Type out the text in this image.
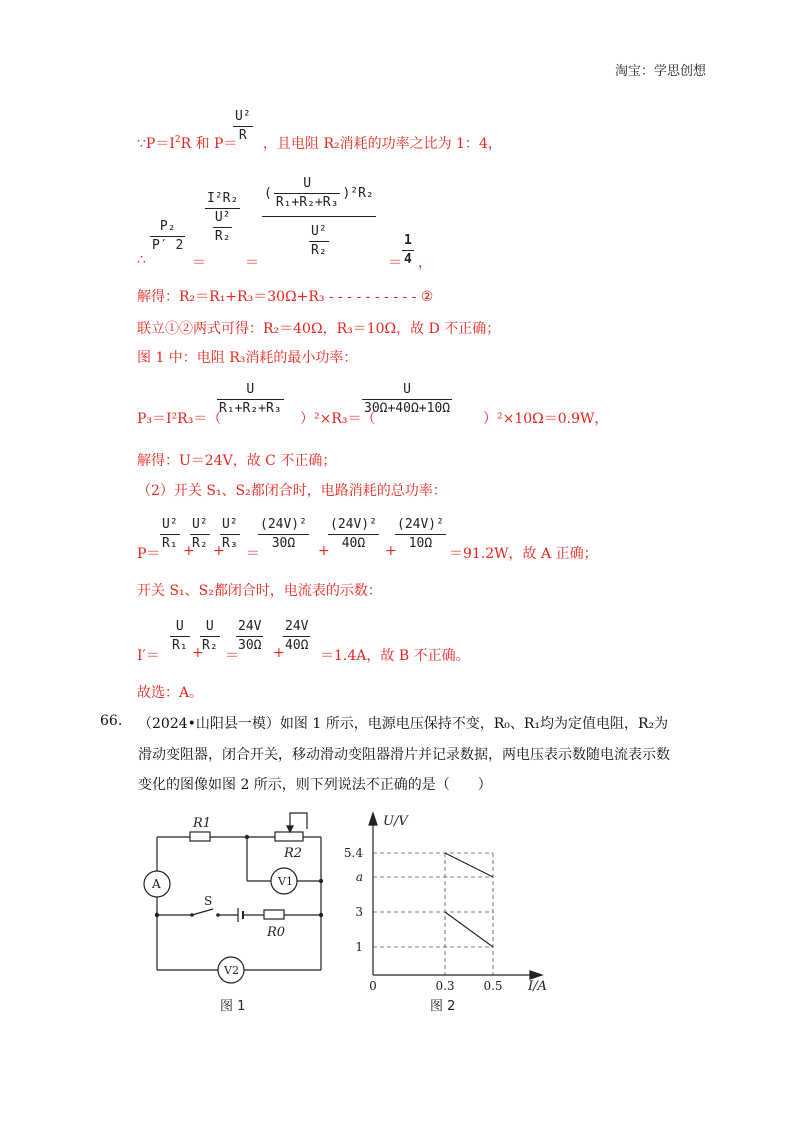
淘宝：学思创想
$\because P=I^2R$ 和 P＝
U²
R
，且电阻 R₂消耗的功率之比为 1：4，
∴
P₂
P′ 2
＝
I²R₂
U²
R₂
＝
(
U
R₁+R₂+R₃
)²R₂
U²
R₂
＝
1
4 ，
解得：R₂＝R₁+R₃＝30Ω+R₃ - - - - - - - - - - ②
联立①②两式可得：R₂＝40Ω，R₃＝10Ω，故 D 不正确；
图 1 中：电阻 R₃消耗的最小功率：
P₃＝I²R₃＝（
U
R₁+R₂+R₃
）²×R₃＝（
U
30Ω+40Ω+10Ω
）²×10Ω＝0.9W，
解得：U＝24V，故 C 不正确；
（2）开关 S₁、S₂都闭合时，电路消耗的总功率：
P＝
U²
R₁ +
U²
R₂ +
U²
R₃
＝
(24V)²
30Ω +
(24V)²
40Ω +
(24V)²
10Ω
＝91.2W，故 A 正确；
开关 S₁、S₂都闭合时，电流表的示数：
I′＝
U
R₁ +
U
R₂
＝
24V
30Ω +
24V
40Ω
＝1.4A，故 B 不正确。
故选：A。
66. （2024•山阳县一模）如图 1 所示，电源电压保持不变，R₀、R₁均为定值电阻，R₂为
滑动变阻器，闭合开关，移动滑动变阻器滑片并记录数据，两电压表示数随电流表示数
变化的图像如图 2 所示，则下列说法不正确的是（　　）
R1
R2
V1
A
S
R0
V2
图 1
1
3
a
5.4
0.3 0.5
0
U/V
I/A
图 2
